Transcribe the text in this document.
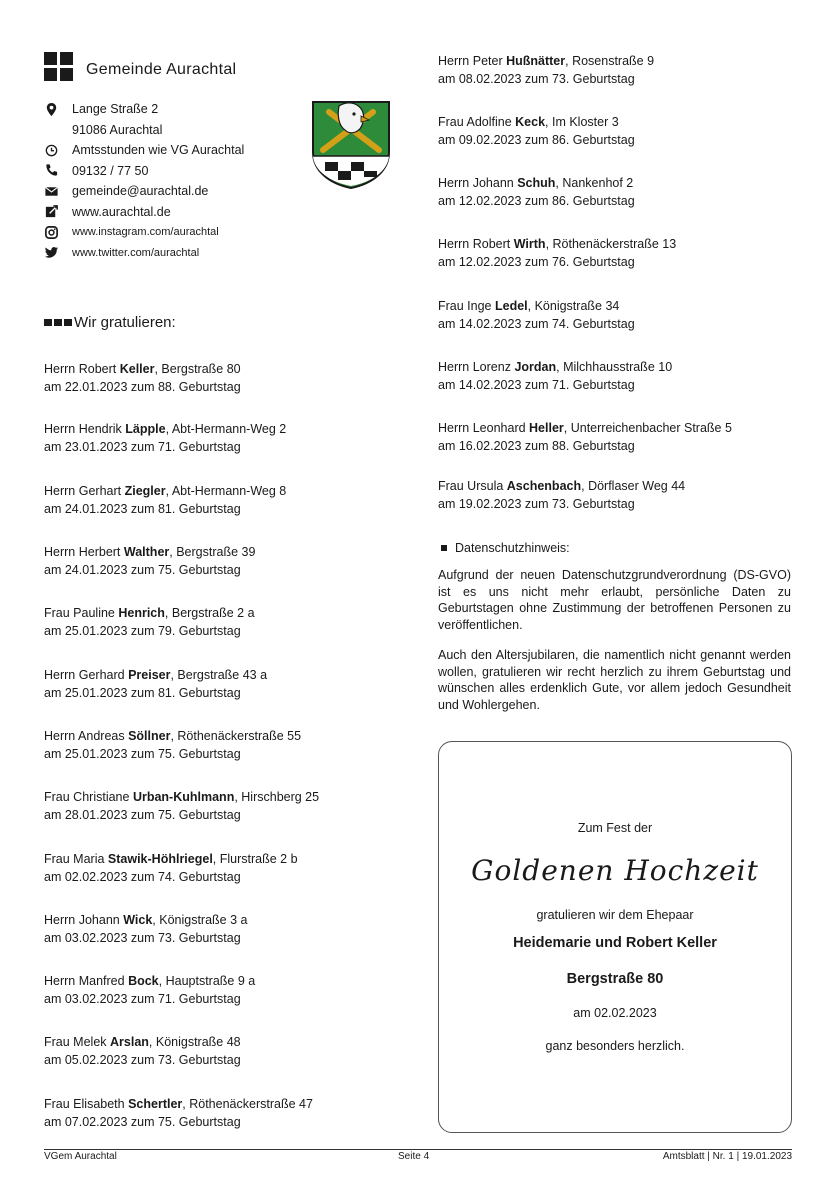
Gemeinde Aurachtal
Lange Straße 2
91086 Aurachtal
Amtsstunden wie VG Aurachtal
09132 / 77 50
gemeinde@aurachtal.de
www.aurachtal.de
www.instagram.com/aurachtal
www.twitter.com/aurachtal
Wir gratulieren:
Herrn Robert Keller, Bergstraße 80
am 22.01.2023 zum 88. Geburtstag
Herrn Hendrik Läpple, Abt-Hermann-Weg 2
am 23.01.2023 zum 71. Geburtstag
Herrn Gerhart Ziegler, Abt-Hermann-Weg 8
am 24.01.2023 zum 81. Geburtstag
Herrn Herbert Walther, Bergstraße 39
am 24.01.2023 zum 75. Geburtstag
Frau Pauline Henrich, Bergstraße 2 a
am 25.01.2023 zum 79. Geburtstag
Herrn Gerhard Preiser, Bergstraße 43 a
am 25.01.2023 zum 81. Geburtstag
Herrn Andreas Söllner, Röthenäckerstraße 55
am 25.01.2023 zum 75. Geburtstag
Frau Christiane Urban-Kuhlmann, Hirschberg 25
am 28.01.2023 zum 75. Geburtstag
Frau Maria Stawik-Höhlriegel, Flurstraße 2 b
am 02.02.2023 zum 74. Geburtstag
Herrn Johann Wick, Königstraße 3 a
am 03.02.2023 zum 73. Geburtstag
Herrn Manfred Bock, Hauptstraße 9 a
am 03.02.2023 zum 71. Geburtstag
Frau Melek Arslan, Königstraße 48
am 05.02.2023 zum 73. Geburtstag
Frau Elisabeth Schertler, Röthenäckerstraße 47
am 07.02.2023 zum 75. Geburtstag
Herrn Peter Hußnätter, Rosenstraße 9
am 08.02.2023 zum 73. Geburtstag
Frau Adolfine Keck, Im Kloster 3
am 09.02.2023 zum 86. Geburtstag
Herrn Johann Schuh, Nankenhof 2
am 12.02.2023 zum 86. Geburtstag
Herrn Robert Wirth, Röthenäckerstraße 13
am 12.02.2023 zum 76. Geburtstag
Frau Inge Ledel, Königstraße 34
am 14.02.2023 zum 74. Geburtstag
Herrn Lorenz Jordan, Milchhausstraße 10
am 14.02.2023 zum 71. Geburtstag
Herrn Leonhard Heller, Unterreichenbacher Straße 5
am 16.02.2023 zum 88. Geburtstag
Frau Ursula Aschenbach, Dörflaser Weg 44
am 19.02.2023 zum 73. Geburtstag
Datenschutzhinweis:
Aufgrund der neuen Datenschutzgrundverordnung (DS-GVO) ist es uns nicht mehr erlaubt, persönliche Daten zu Geburtstagen ohne Zustimmung der betroffenen Personen zu veröffentlichen.
Auch den Altersjubilaren, die namentlich nicht genannt werden wollen, gratulieren wir recht herzlich zu ihrem Geburtstag und wünschen alles erdenklich Gute, vor allem jedoch Gesundheit und Wohlergehen.
Zum Fest der
Goldenen Hochzeit
gratulieren wir dem Ehepaar
Heidemarie und Robert Keller
Bergstraße 80
am 02.02.2023
ganz besonders herzlich.
VGem Aurachtal	Seite 4	Amtsblatt | Nr. 1 | 19.01.2023
